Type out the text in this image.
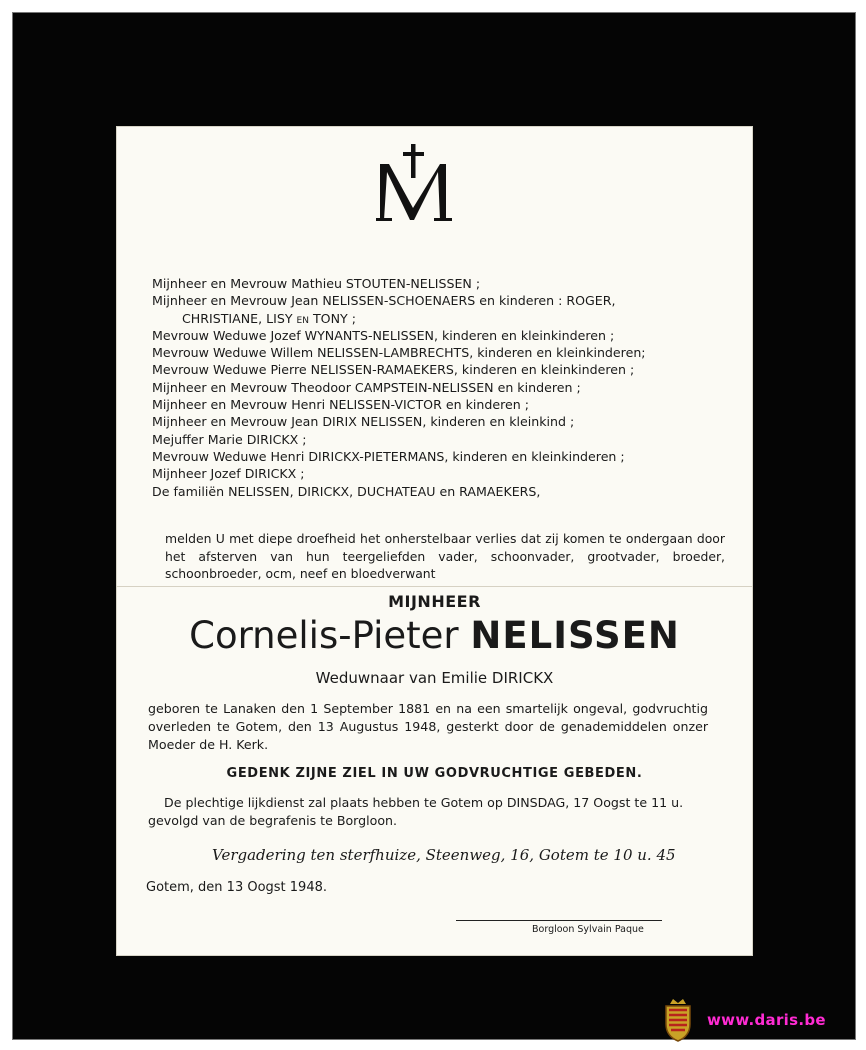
Mijnheer en Mevrouw Mathieu STOUTEN-NELISSEN ;
Mijnheer en Mevrouw Jean NELISSEN-SCHOENAERS en kinderen : ROGER,
CHRISTIANE, LISY en TONY ;
Mevrouw Weduwe Jozef WYNANTS-NELISSEN, kinderen en kleinkinderen ;
Mevrouw Weduwe Willem NELISSEN-LAMBRECHTS, kinderen en kleinkinderen;
Mevrouw Weduwe Pierre NELISSEN-RAMAEKERS, kinderen en kleinkinderen ;
Mijnheer en Mevrouw Theodoor CAMPSTEIN-NELISSEN en kinderen ;
Mijnheer en Mevrouw Henri NELISSEN-VICTOR en kinderen ;
Mijnheer en Mevrouw Jean DIRIX NELISSEN, kinderen en kleinkind ;
Mejuffer Marie DIRICKX ;
Mevrouw Weduwe Henri DIRICKX-PIETERMANS, kinderen en kleinkinderen ;
Mijnheer Jozef DIRICKX ;
De familiën NELISSEN, DIRICKX, DUCHATEAU en RAMAEKERS,
melden U met diepe droefheid het onherstelbaar verlies dat zij komen te ondergaan door het afsterven van hun teergeliefden vader, schoonvader, grootvader, broeder, schoonbroeder, ocm, neef en bloedverwant
MIJNHEER
Cornelis-Pieter NELISSEN
Weduwnaar van Emilie DIRICKX
geboren te Lanaken den 1 September 1881 en na een smartelijk ongeval, godvruchtig overleden te Gotem, den 13 Augustus 1948, gesterkt door de genademiddelen onzer Moeder de H. Kerk.
GEDENK ZIJNE ZIEL IN UW GODVRUCHTIGE GEBEDEN.
De plechtige lijkdienst zal plaats hebben te Gotem op DINSDAG, 17 Oogst te 11 u. gevolgd van de begrafenis te Borgloon.
Vergadering ten sterfhuize, Steenweg, 16, Gotem te 10 u. 45
Gotem, den 13 Oogst 1948.
Borgloon Sylvain Paque
www.daris.be
